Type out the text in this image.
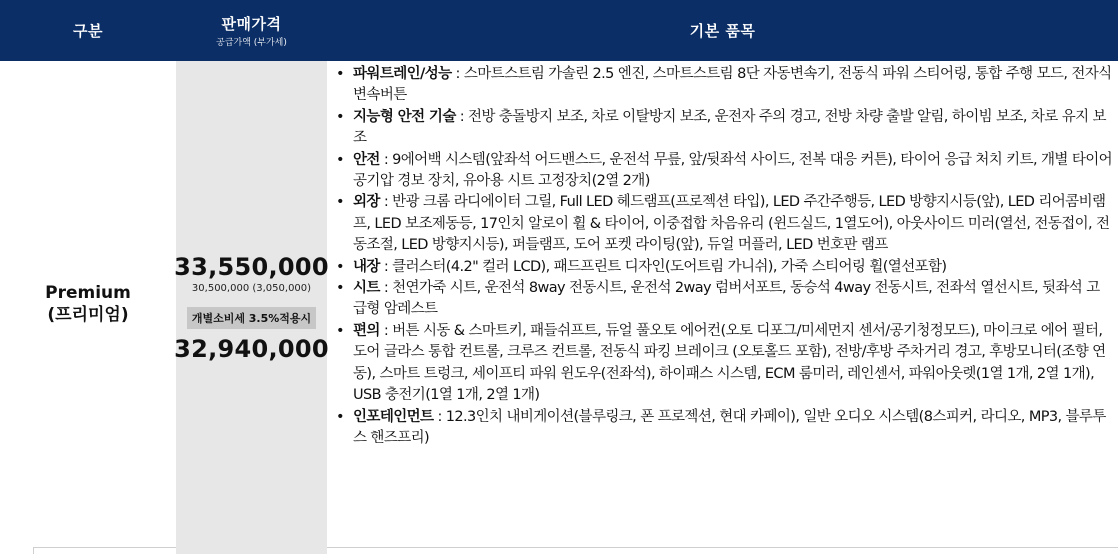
구분	판매가격
공급가액 (부가세)
기본 품목
Premium
(프리미엄)
33,550,000
30,500,000 (3,050,000)
개별소비세 3.5%적용시
32,940,000
• 파워트레인/성능 : 스마트스트림 가솔린 2.5 엔진, 스마트스트림 8단 자동변속기, 전동식 파워 스티어링, 통합 주행 모드, 전자식 변속버튼
• 지능형 안전 기술 : 전방 충돌방지 보조, 차로 이탈방지 보조, 운전자 주의 경고, 전방 차량 출발 알림, 하이빔 보조, 차로 유지 보조
• 안전 : 9에어백 시스템(앞좌석 어드밴스드, 운전석 무릎, 앞/뒷좌석 사이드, 전복 대응 커튼), 타이어 응급 처치 키트, 개별 타이어 공기압 경보 장치, 유아용 시트 고정장치(2열 2개)
• 외장 : 반광 크롬 라디에이터 그릴, Full LED 헤드램프(프로젝션 타입), LED 주간주행등, LED 방향지시등(앞), LED 리어콤비램프, LED 보조제동등, 17인치 알로이 휠 & 타이어, 이중접합 차음유리 (윈드실드, 1열도어), 아웃사이드 미러(열선, 전동접이, 전동조절, LED 방향지시등), 퍼들램프, 도어 포켓 라이팅(앞), 듀얼 머플러, LED 번호판 램프
• 내장 : 클러스터(4.2" 컬러 LCD), 패드프린트 디자인(도어트림 가니쉬), 가죽 스티어링 휠(열선포함)
• 시트 : 천연가죽 시트, 운전석 8way 전동시트, 운전석 2way 럼버서포트, 동승석 4way 전동시트, 전좌석 열선시트, 뒷좌석 고급형 암레스트
• 편의 : 버튼 시동 & 스마트키, 패들쉬프트, 듀얼 풀오토 에어컨(오토 디포그/미세먼지 센서/공기청정모드), 마이크로 에어 필터, 도어 글라스 통합 컨트롤, 크루즈 컨트롤, 전동식 파킹 브레이크 (오토홀드 포함), 전방/후방 주차거리 경고, 후방모니터(조향 연동), 스마트 트렁크, 세이프티 파워 윈도우(전좌석), 하이패스 시스템, ECM 룸미러, 레인센서, 파워아웃렛(1열 1개, 2열 1개), USB 충전기(1열 1개, 2열 1개)
• 인포테인먼트 : 12.3인치 내비게이션(블루링크, 폰 프로젝션, 현대 카페이), 일반 오디오 시스템(8스피커, 라디오, MP3, 블루투스 핸즈프리)
